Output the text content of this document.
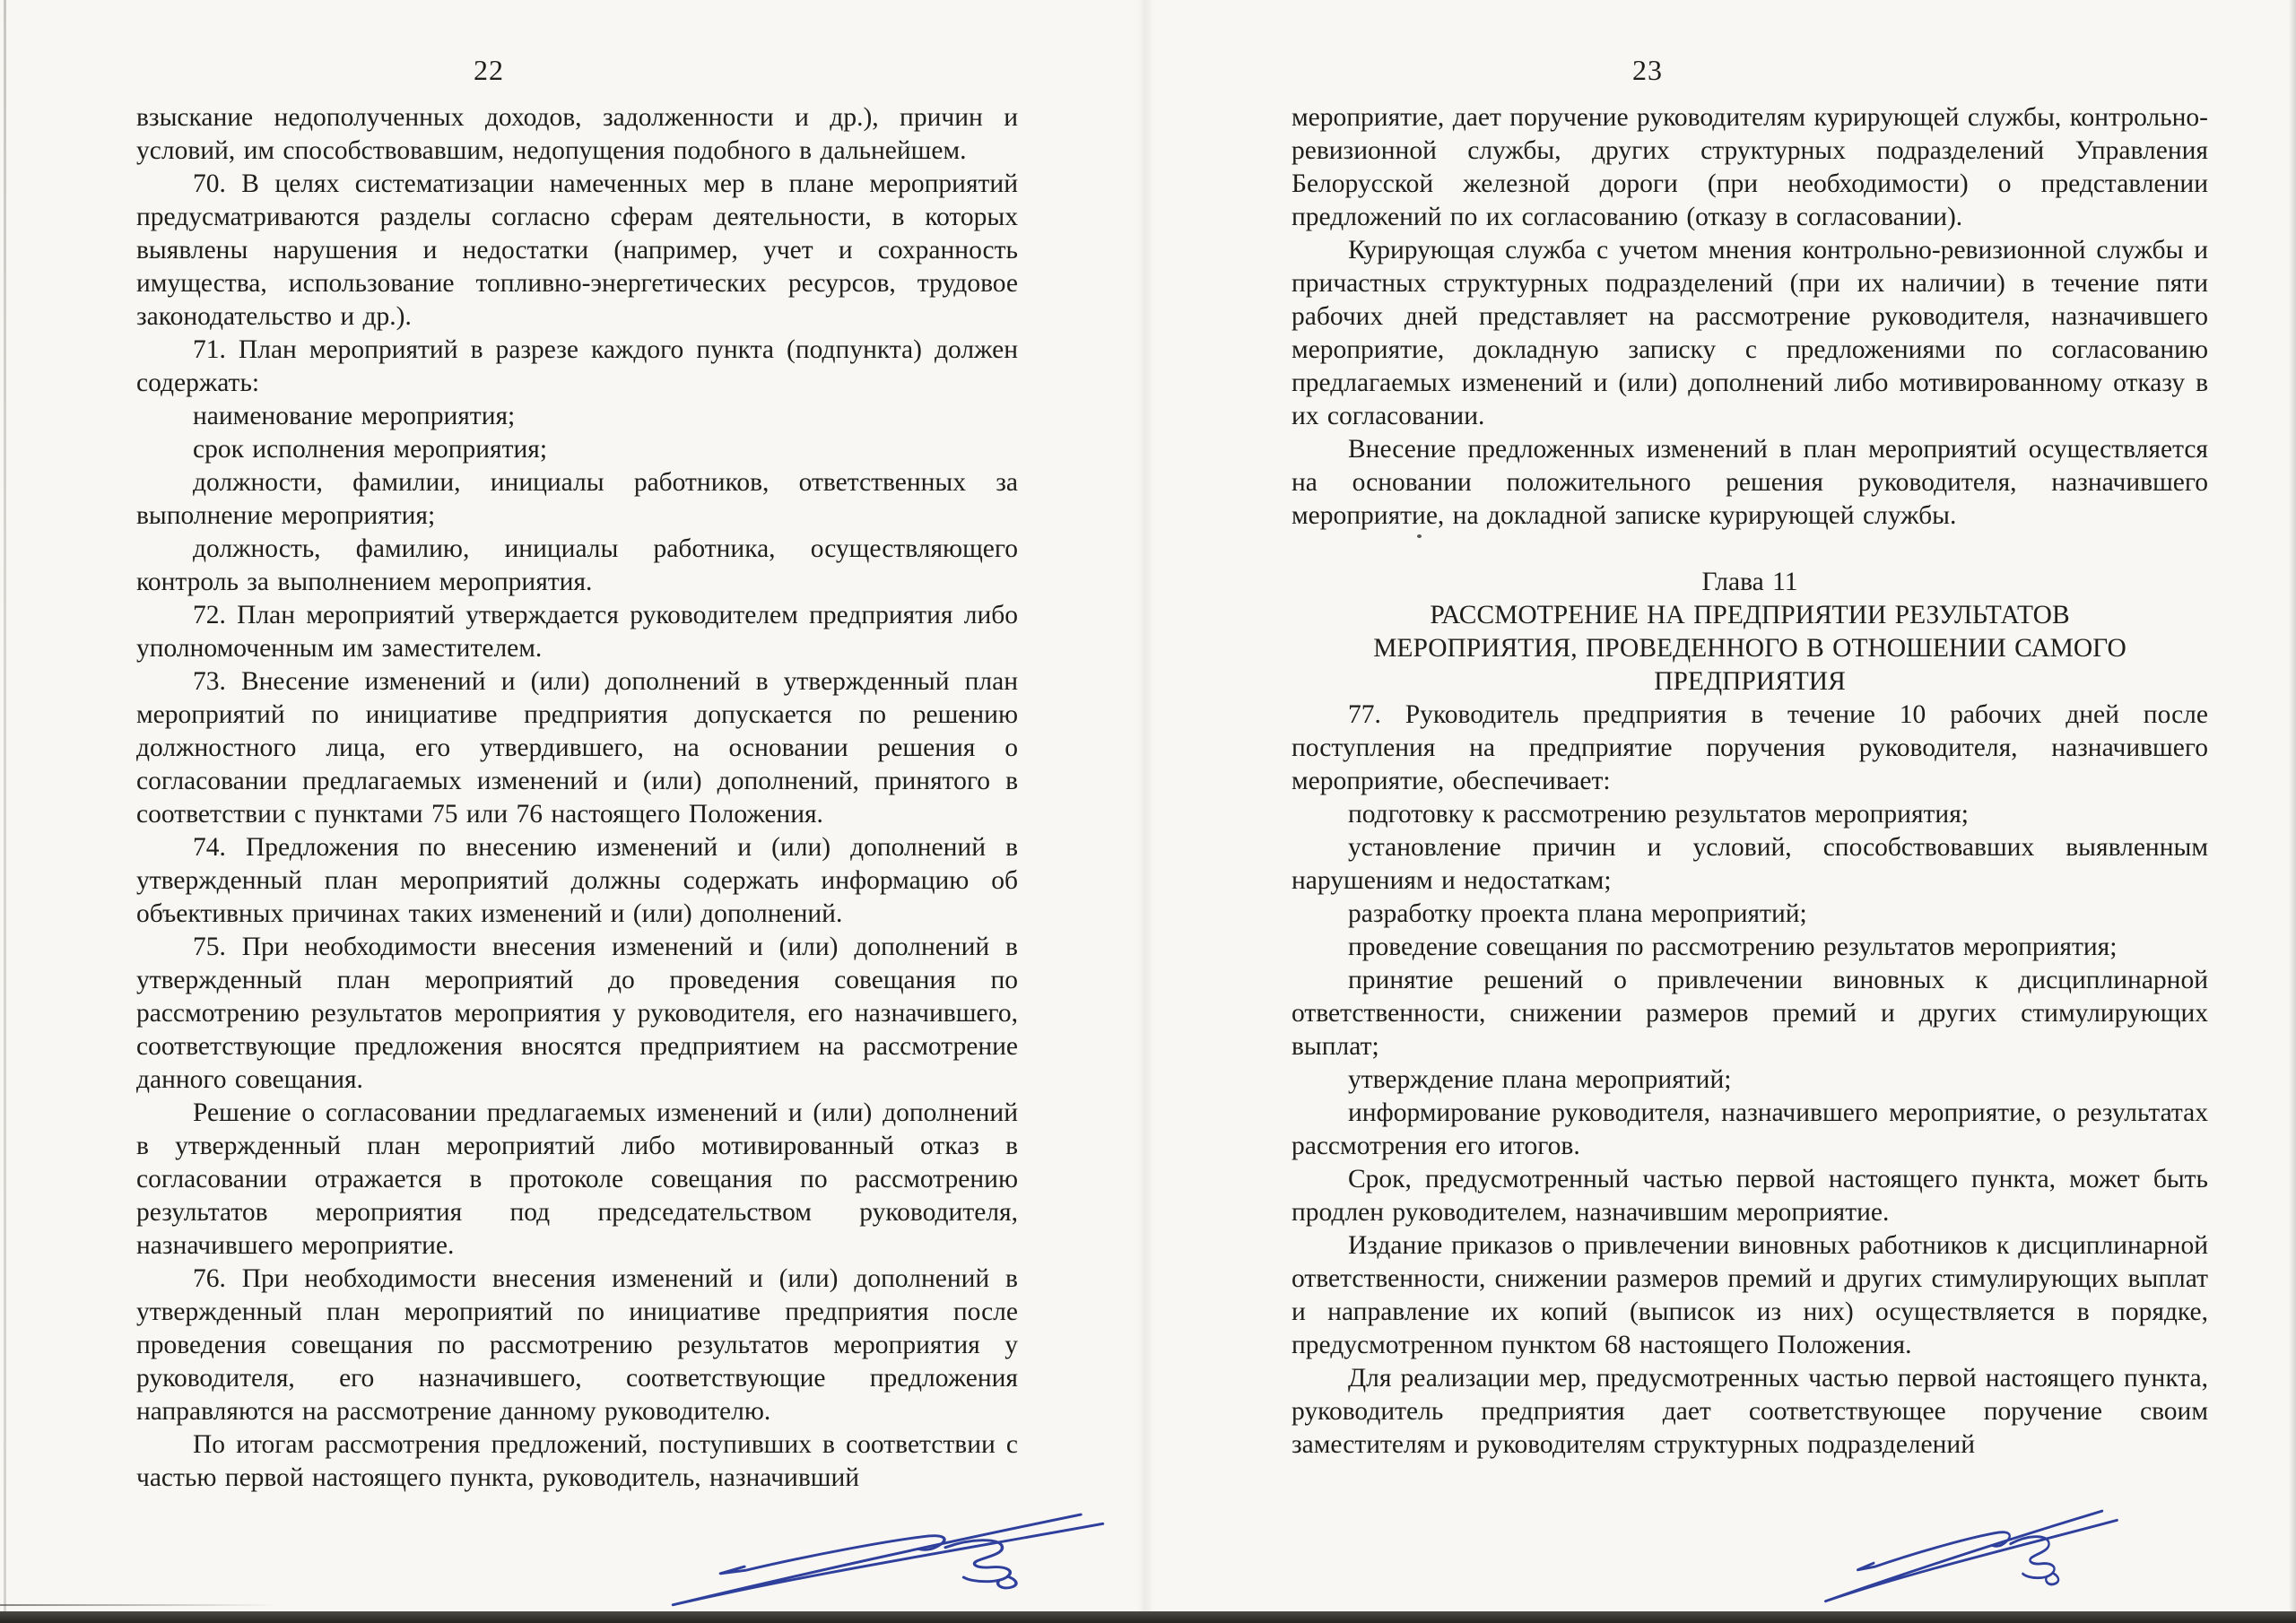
22
взыскание недополученных доходов, задолженности и др.), причин и условий, им способствовавшим, недопущения подобного в дальнейшем.
70. В целях систематизации намеченных мер в плане мероприятий предусматриваются разделы согласно сферам деятельности, в которых выявлены нарушения и недостатки (например, учет и сохранность имущества, использование топливно-энергетических ресурсов, трудовое законодательство и др.).
71. План мероприятий в разрезе каждого пункта (подпункта) должен содержать:
наименование мероприятия;
срок исполнения мероприятия;
должности, фамилии, инициалы работников, ответственных за выполнение мероприятия;
должность, фамилию, инициалы работника, осуществляющего контроль за выполнением мероприятия.
72. План мероприятий утверждается руководителем предприятия либо уполномоченным им заместителем.
73. Внесение изменений и (или) дополнений в утвержденный план мероприятий по инициативе предприятия допускается по решению должностного лица, его утвердившего, на основании решения о согласовании предлагаемых изменений и (или) дополнений, принятого в соответствии с пунктами 75 или 76 настоящего Положения.
74. Предложения по внесению изменений и (или) дополнений в утвержденный план мероприятий должны содержать информацию об объективных причинах таких изменений и (или) дополнений.
75. При необходимости внесения изменений и (или) дополнений в утвержденный план мероприятий до проведения совещания по рассмотрению результатов мероприятия у руководителя, его назначившего, соответствующие предложения вносятся предприятием на рассмотрение данного совещания.
Решение о согласовании предлагаемых изменений и (или) дополнений в утвержденный план мероприятий либо мотивированный отказ в согласовании отражается в протоколе совещания по рассмотрению результатов мероприятия под председательством руководителя, назначившего мероприятие.
76. При необходимости внесения изменений и (или) дополнений в утвержденный план мероприятий по инициативе предприятия после проведения совещания по рассмотрению результатов мероприятия у руководителя, его назначившего, соответствующие предложения направляются на рассмотрение данному руководителю.
По итогам рассмотрения предложений, поступивших в соответствии с частью первой настоящего пункта, руководитель, назначивший
23
мероприятие, дает поручение руководителям курирующей службы, контрольно-ревизионной службы, других структурных подразделений Управления Белорусской железной дороги (при необходимости) о представлении предложений по их согласованию (отказу в согласовании).
Курирующая служба с учетом мнения контрольно-ревизионной службы и причастных структурных подразделений (при их наличии) в течение пяти рабочих дней представляет на рассмотрение руководителя, назначившего мероприятие, докладную записку с предложениями по согласованию предлагаемых изменений и (или) дополнений либо мотивированному отказу в их согласовании.
Внесение предложенных изменений в план мероприятий осуществляется на основании положительного решения руководителя, назначившего мероприятие, на докладной записке курирующей службы.
Глава 11
РАССМОТРЕНИЕ НА ПРЕДПРИЯТИИ РЕЗУЛЬТАТОВ
МЕРОПРИЯТИЯ, ПРОВЕДЕННОГО В ОТНОШЕНИИ САМОГО
ПРЕДПРИЯТИЯ
77. Руководитель предприятия в течение 10 рабочих дней после поступления на предприятие поручения руководителя, назначившего мероприятие, обеспечивает:
подготовку к рассмотрению результатов мероприятия;
установление причин и условий, способствовавших выявленным нарушениям и недостаткам;
разработку проекта плана мероприятий;
проведение совещания по рассмотрению результатов мероприятия;
принятие решений о привлечении виновных к дисциплинарной ответственности, снижении размеров премий и других стимулирующих выплат;
утверждение плана мероприятий;
информирование руководителя, назначившего мероприятие, о результатах рассмотрения его итогов.
Срок, предусмотренный частью первой настоящего пункта, может быть продлен руководителем, назначившим мероприятие.
Издание приказов о привлечении виновных работников к дисциплинарной ответственности, снижении размеров премий и других стимулирующих выплат и направление их копий (выписок из них) осуществляется в порядке, предусмотренном пунктом 68 настоящего Положения.
Для реализации мер, предусмотренных частью первой настоящего пункта, руководитель предприятия дает соответствующее поручение своим заместителям и руководителям структурных подразделений
